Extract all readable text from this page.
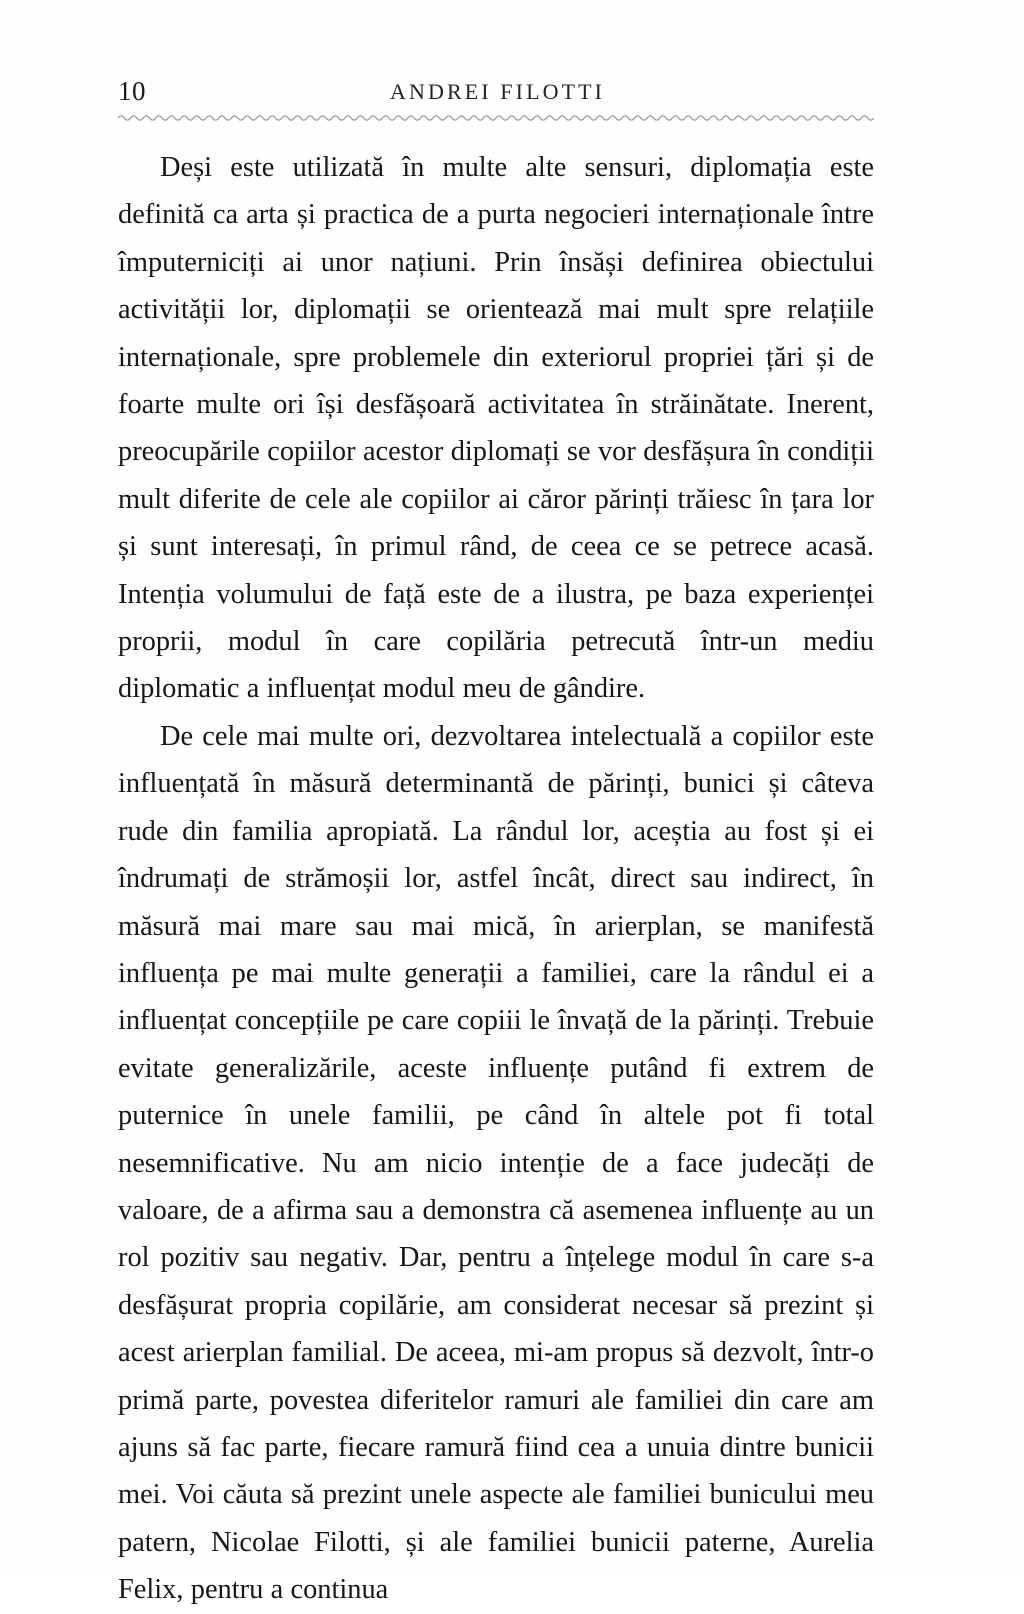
10	ANDREI FILOTTI

Deși este utilizată în multe alte sensuri, diplomația este definită ca arta și practica de a purta negocieri internaționale între împuterniciți ai unor națiuni. Prin însăși definirea obiectului activității lor, diplomații se orientează mai mult spre relațiile internaționale, spre problemele din exteriorul propriei țări și de foarte multe ori își desfășoară activitatea în străinătate. Inerent, preocupările copiilor acestor diplomați se vor desfășura în condiții mult diferite de cele ale copiilor ai căror părinți trăiesc în țara lor și sunt interesați, în primul rând, de ceea ce se petrece acasă. Intenția volumului de față este de a ilustra, pe baza experienței proprii, modul în care copilăria petrecută într-un mediu diplomatic a influențat modul meu de gândire.

De cele mai multe ori, dezvoltarea intelectuală a copiilor este influențată în măsură determinantă de părinți, bunici și câteva rude din familia apropiată. La rândul lor, aceștia au fost și ei îndrumați de strămoșii lor, astfel încât, direct sau indirect, în măsură mai mare sau mai mică, în arierplan, se manifestă influența pe mai multe generații a familiei, care la rândul ei a influențat concepțiile pe care copiii le învață de la părinți. Trebuie evitate generalizările, aceste influențe putând fi extrem de puternice în unele familii, pe când în altele pot fi total nesemnificative. Nu am nicio intenție de a face judecăți de valoare, de a afirma sau a demonstra că asemenea influențe au un rol pozitiv sau negativ. Dar, pentru a înțelege modul în care s-a desfășurat propria copilărie, am considerat necesar să prezint și acest arierplan familial. De aceea, mi-am propus să dezvolt, într-o primă parte, povestea diferitelor ramuri ale familiei din care am ajuns să fac parte, fiecare ramură fiind cea a unuia dintre bunicii mei. Voi căuta să prezint unele aspecte ale familiei bunicului meu patern, Nicolae Filotti, și ale familiei bunicii paterne, Aurelia Felix, pentru a continua
